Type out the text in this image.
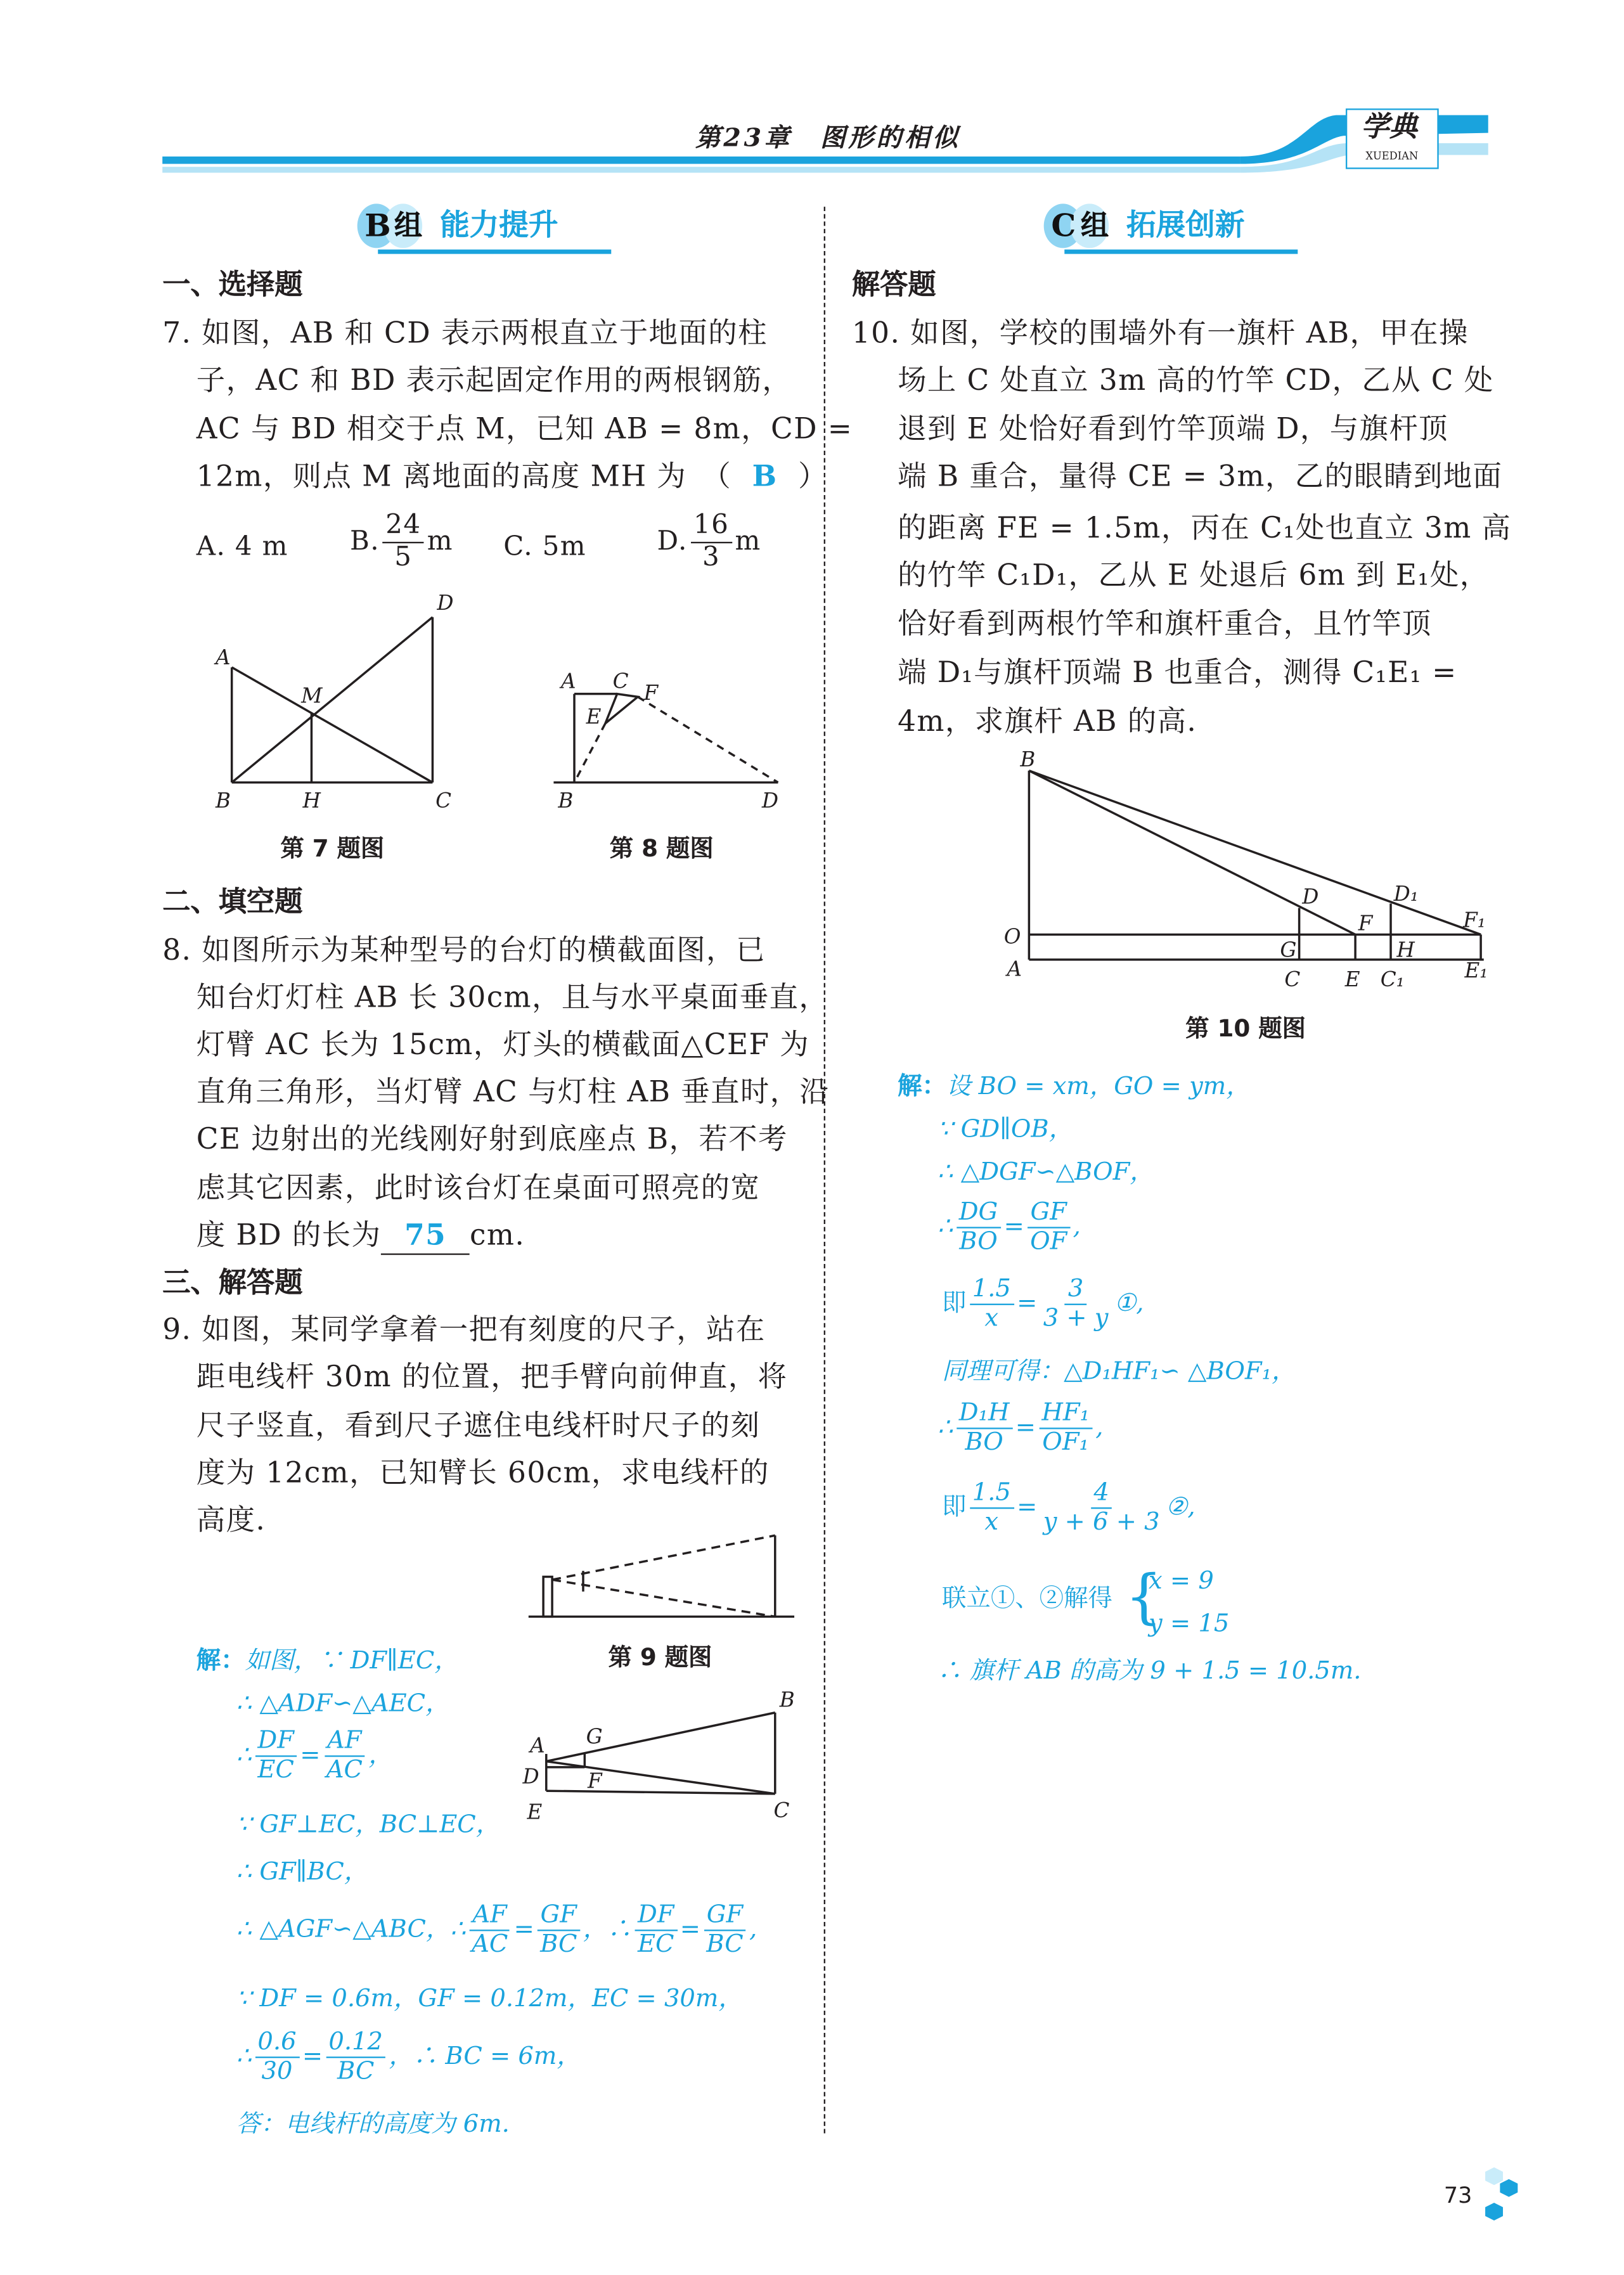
第23章　图形的相似	学典
XUEDIAN
B 组 能力提升
一、选择题
7. 如图，AB 和 CD 表示两根直立于地面的柱
子，AC 和 BD 表示起固定作用的两根钢筋，
AC 与 BD 相交于点 M，已知 AB = 8m，CD =
12m，则点 M 离地面的高度 MH 为　（ B ）
A. 4 m	B. $\frac{24}{5}$ m	C. 5m	D. $\frac{16}{3}$ m
A
B	C
D
M
H
A
B
C
D
E
F
第 7 题图	第 8 题图
二、填空题
8. 如图所示为某种型号的台灯的横截面图，已
知台灯灯柱 AB 长 30cm，且与水平桌面垂直，
灯臂 AC 长为 15cm，灯头的横截面△CEF 为
直角三角形，当灯臂 AC 与灯柱 AB 垂直时，沿
CE 边射出的光线刚好射到底座点 B，若不考
虑其它因素，此时该台灯在桌面可照亮的宽
度 BD 的长为 75 cm.
三、解答题
9. 如图，某同学拿着一把有刻度的尺子，站在
距电线杆 30m 的位置，把手臂向前伸直，将
尺子竖直，看到尺子遮住电线杆时尺子的刻
度为 12cm，已知臂长 60cm，求电线杆的
高度.
A
B
C
D
E
F
G
第 9 题图
解：如图，∵ DF∥EC，
∴ △ADF∽△AEC，
∴ $\frac{DF}{EC} = \frac{AF}{AC}$ ，
∵ GF⊥EC，BC⊥EC，
∴ GF∥BC，
∴ △AGF∽△ABC，∴ $\frac{AF}{AC} = \frac{GF}{BC}$ ，∴ $\frac{DF}{EC} = \frac{GF}{BC}$ ,
∵ DF = 0.6m，GF = 0.12m，EC = 30m，
∴ $\frac{0.6}{30} = \frac{0.12}{BC}$ ，∴ BC = 6m，
答：电线杆的高度为 6m.
C 组 拓展创新
解答题
10. 如图，学校的围墙外有一旗杆 AB，甲在操
场上 C 处直立 3m 高的竹竿 CD，乙从 C 处
退到 E 处恰好看到竹竿顶端 D，与旗杆顶
端 B 重合，量得 CE = 3m，乙的眼睛到地面
的距离 FE = 1.5m，丙在 C₁处也直立 3m 高
的竹竿 C₁D₁，乙从 E 处退后 6m 到 E₁处，
恰好看到两根竹竿和旗杆重合，且竹竿顶
端 D₁与旗杆顶端 B 也重合，测得 C₁E₁ =
4m，求旗杆 AB 的高.
B
O
A
G
C
D
F
E
H
D₁
C₁
F₁
E₁
第 10 题图
解：设 BO = xm，GO = ym，
∵ GD∥OB，
∴ △DGF∽△BOF，
∴ $\frac{DG}{BO} = \frac{GF}{OF}$ ,
即 $\frac{1.5}{x} = \frac{3}{3 + y}$ ①,
同理可得：△D₁HF₁∽ △BOF₁，
∴ $\frac{\text{D₁H}}{BO} = \frac{\text{HF₁}}{\text{OF₁}}$ ,
即 $\frac{1.5}{x} = \frac{4}{y + 6 + 3}$ ②,
联立①、②解得 {
x = 9
y = 15
∴ 旗杆 AB 的高为 9 + 1.5 = 10.5m.
73
